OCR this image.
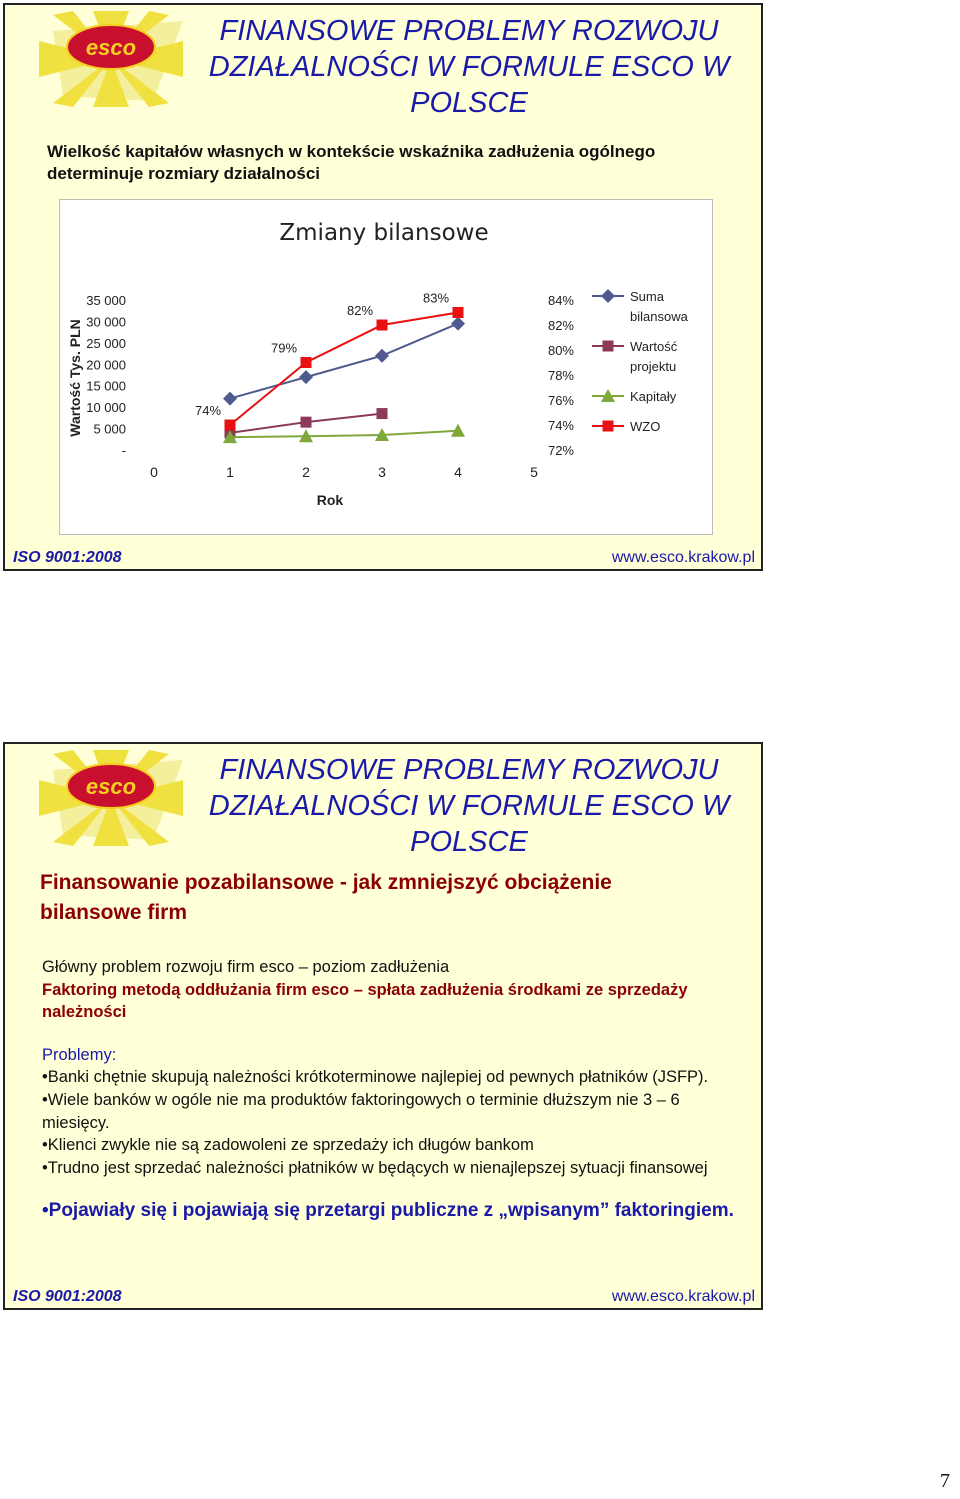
esco
FINANSOWE PROBLEMY ROZWOJU DZIAŁALNOŚCI W FORMULE ESCO W POLSCE
Wielkość kapitałów własnych w kontekście wskaźnika zadłużenia ogólnego determinuje rozmiary działalności
Zmiany bilansowe
Wartość Tys. PLN
Rok
35 000
30 000
25 000
20 000
15 000
10 000
5 000
-
84%
82%
80%
78%
76%
74%
72%
0	1	2	3	4	5
74%
79%
82%
83%	Suma
bilansowa
Wartość
projektu
Kapitały
WZO
ISO 9001:2008	www.esco.krakow.pl
esco
FINANSOWE PROBLEMY ROZWOJU DZIAŁALNOŚCI W FORMULE ESCO W POLSCE
ISO 9001:2008	www.esco.krakow.pl
Finansowanie pozabilansowe - jak zmniejszyć obciążenie bilansowe firm
Główny problem rozwoju firm esco – poziom zadłużenia
Faktoring metodą oddłużania firm esco – spłata zadłużenia środkami ze sprzedaży należności
Problemy:
•Banki chętnie skupują należności krótkoterminowe najlepiej od pewnych płatników (JSFP).
•Wiele banków w ogóle nie ma produktów faktoringowych o terminie dłuższym nie 3 – 6 miesięcy.
•Klienci zwykle nie są zadowoleni ze sprzedaży ich długów bankom
•Trudno jest sprzedać należności płatników w będących w nienajlepszej sytuacji finansowej
•Pojawiały się i pojawiają się przetargi publiczne z „wpisanym” faktoringiem.
7
